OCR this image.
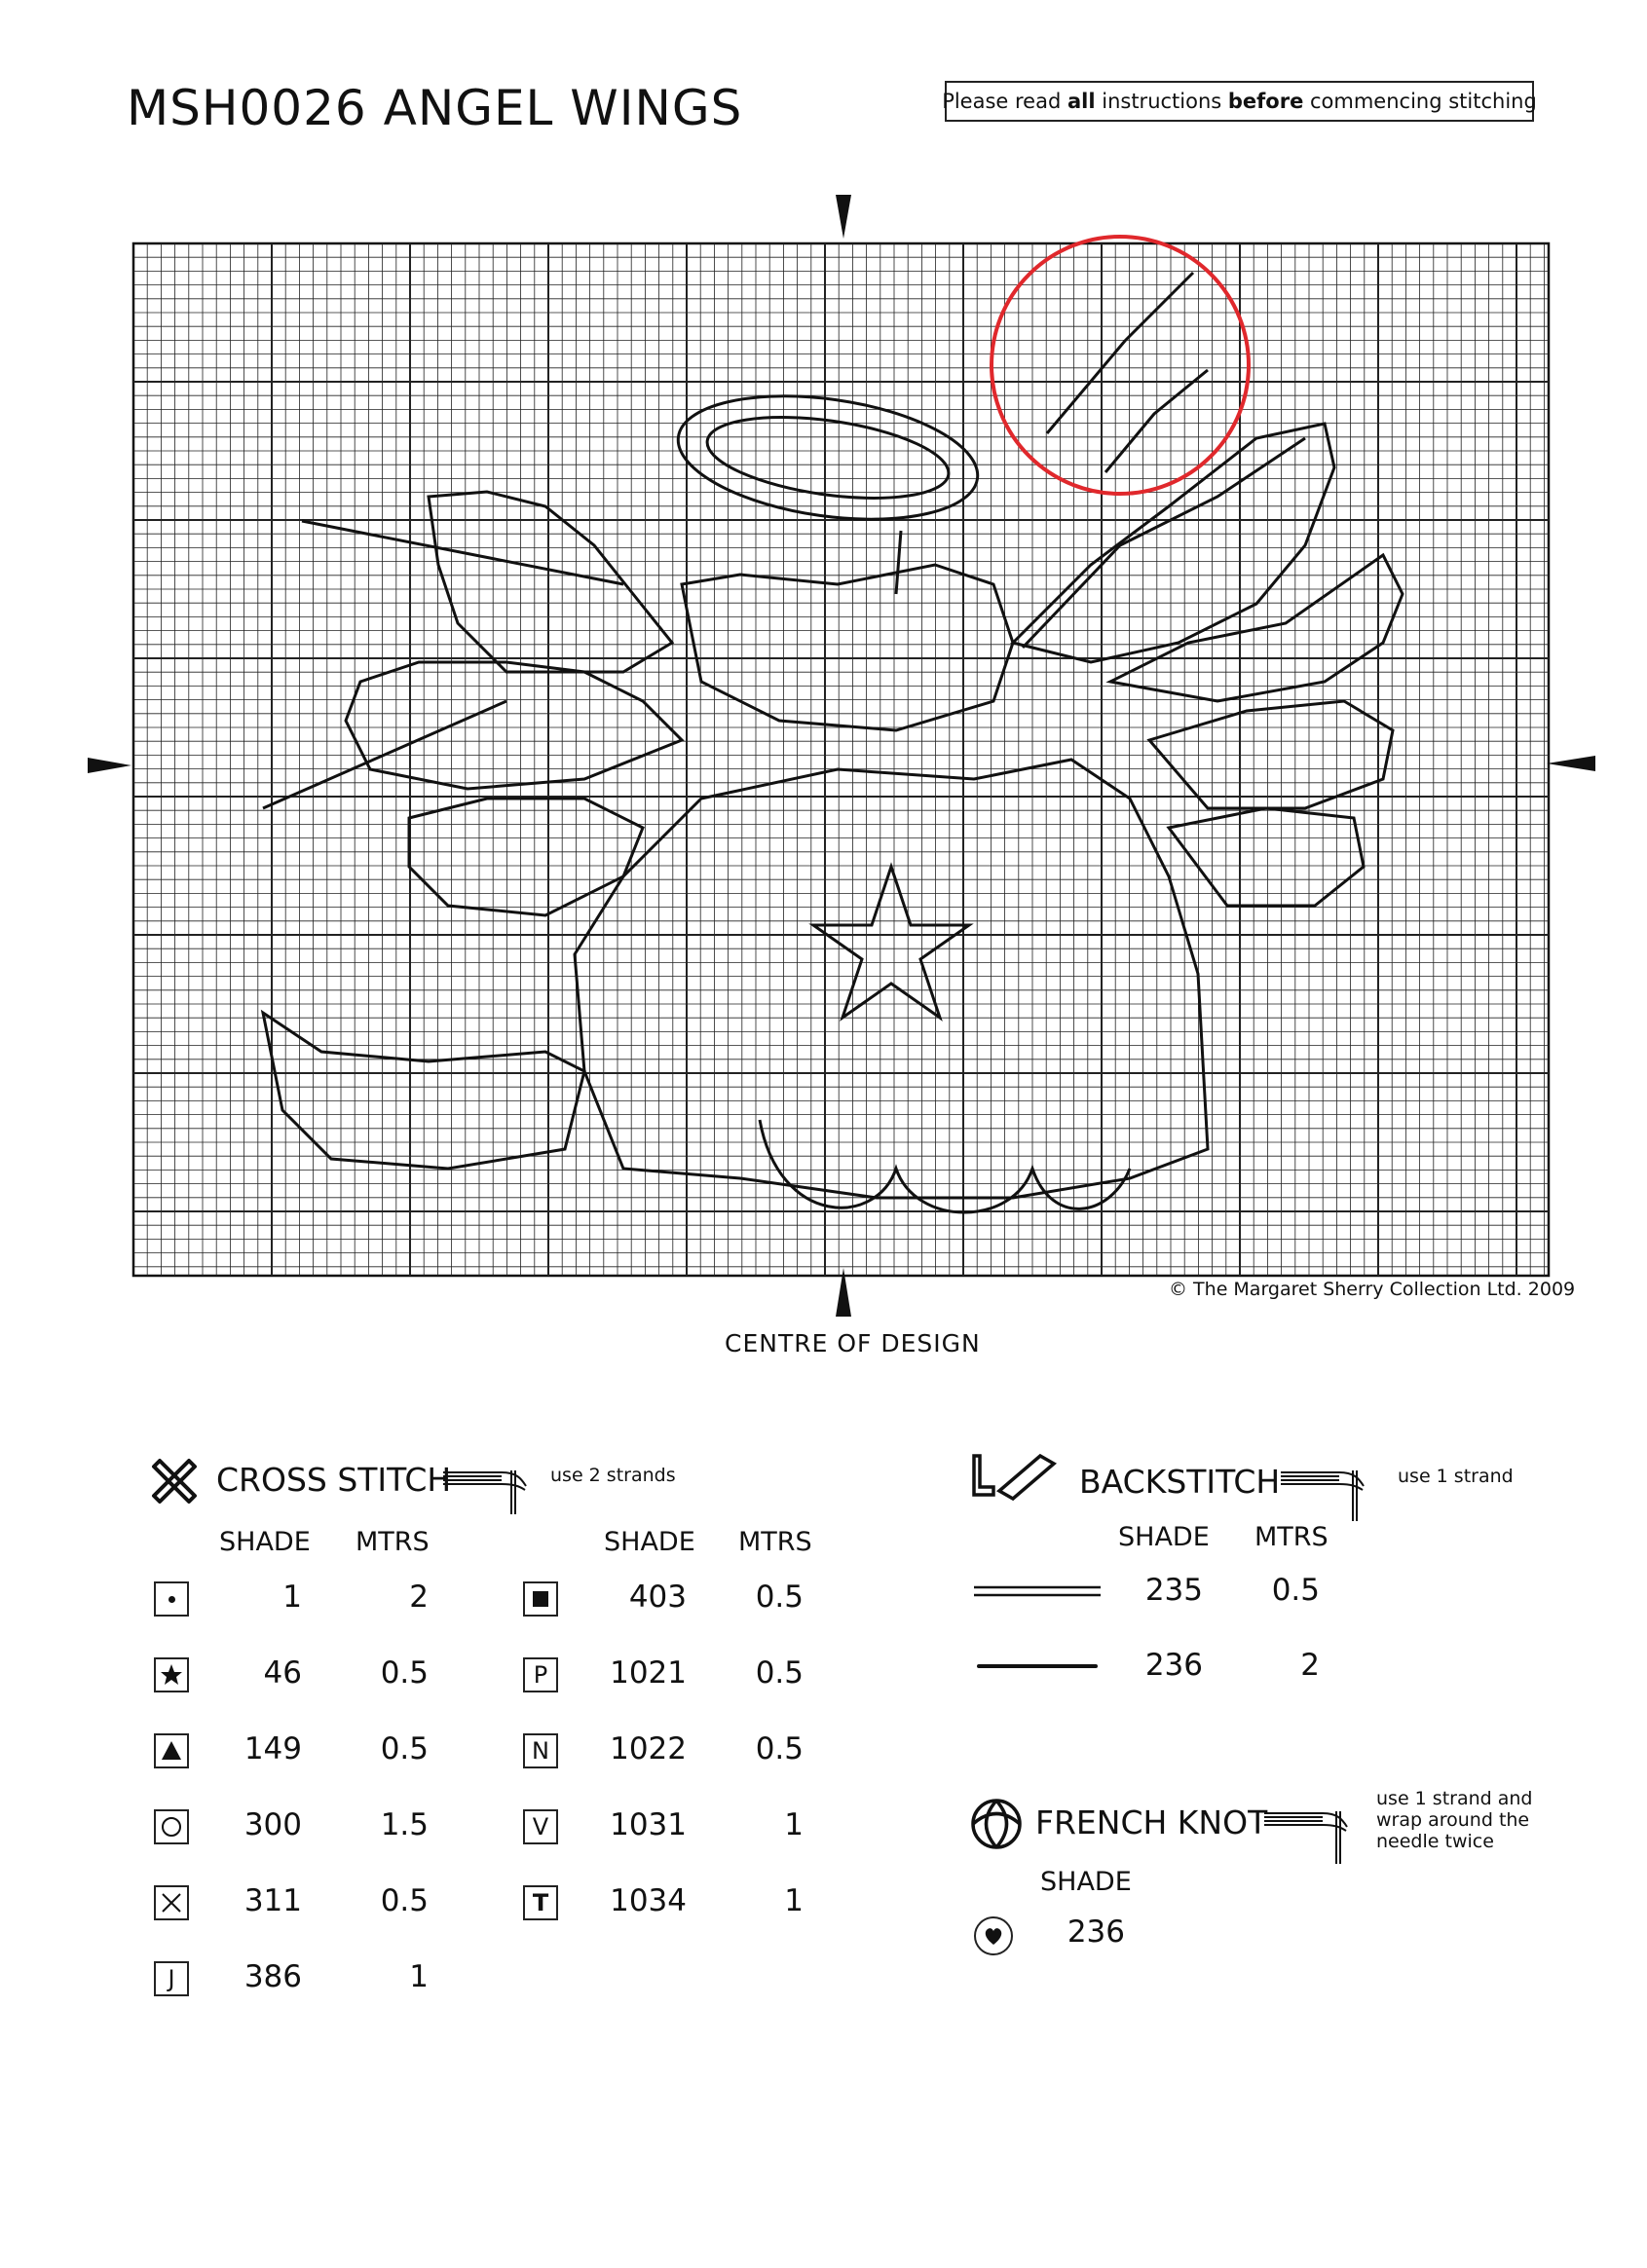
MSH0026 ANGEL WINGS	Please read all instructions before commencing stitching
© The Margaret Sherry Collection Ltd. 2009
CENTRE OF DESIGN
CROSS STITCH	use 2 strands
SHADE MTRS	SHADE MTRS
1	2
46	0.5
149	0.5
300	1.5
311	0.5
J	386	1
403	0.5
P	1021	0.5
N 1022	0.5
V	1031	1
T	1034	1
BACKSTITCH	use 1 strand
SHADE MTRS
235	0.5
236	2
FRENCH KNOT
use 1 strand and
wrap around the
needle twice
SHADE
236
